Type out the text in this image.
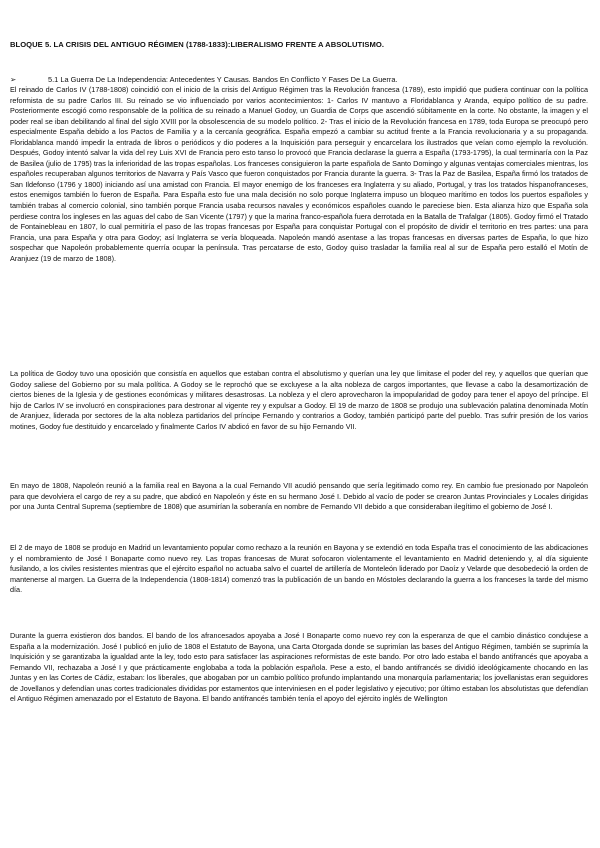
BLOQUE 5. LA CRISIS DEL ANTIGUO RÉGIMEN (1788-1833):LIBERALISMO FRENTE A ABSOLUTISMO.
➢	5.1 La Guerra De La Independencia: Antecedentes Y Causas. Bandos En Conflicto Y Fases De La Guerra.
El reinado de Carlos IV (1788-1808) coincidió con el inicio de la crisis del Antiguo Régimen tras la Revolución francesa (1789), esto impidió que pudiera continuar con la política reformista de su padre Carlos III. Su reinado se vio influenciado por varios acontecimientos: 1- Carlos IV mantuvo a Floridablanca y Aranda, equipo político de su padre. Posteriormente escogió como responsable de la política de su reinado a Manuel Godoy, un Guardia de Corps que ascendió súbitamente en la corte. No obstante, la imagen y el poder real se iban debilitando al final del siglo XVIII por la obsolescencia de su modelo político. 2- Tras el inicio de la Revolución francesa en 1789, toda Europa se preocupó pero especialmente España debido a los Pactos de Familia y a la cercanía geográfica. España empezó a cambiar su actitud frente a la Francia revolucionaria y a su propaganda. Floridablanca mandó impedir la entrada de libros o periódicos y dio poderes a la Inquisición para perseguir y encarcelara los ilustrados que veían como ejemplo la revolución. Después, Godoy intentó salvar la vida del rey Luis XVI de Francia pero esto tanso lo provocó que Francia declarase la guerra a España (1793-1795), la cual terminaría con la Paz de Basilea (julio de 1795) tras la inferioridad de las tropas españolas. Los franceses consiguieron la parte española de Santo Domingo y algunas ventajas comerciales mientras, los españoles recuperaban algunos territorios de Navarra y País Vasco que fueron conquistados por Francia durante la guerra. 3- Tras la Paz de Basilea, España firmó los tratados de San Ildefonso (1796 y 1800) iniciando así una amistad con Francia. El mayor enemigo de los franceses era Inglaterra y su aliado, Portugal, y tras los tratados hispanofranceses, estos enemigos también lo fueron de España. Para España esto fue una mala decisión no solo porque Inglaterra impuso un bloqueo marítimo en todos los puertos españoles y también trabas al comercio colonial, sino también porque Francia usaba recursos navales y económicos españoles cuando le pareciese bien. Esta alianza hizo que España sola perdiese contra los ingleses en las aguas del cabo de San Vicente (1797) y que la marina franco-española fuera derrotada en la Batalla de Trafalgar (1805). Godoy firmó el Tratado de Fontainebleau en 1807, lo cual permitiría el paso de las tropas francesas por España para conquistar Portugal con el propósito de dividir el territorio en tres partes: una para Francia, una para España y otra para Godoy; así Inglaterra se vería bloqueada. Napoleón mandó asentase a las tropas francesas en diversas partes de España, lo que hizo sospechar que Napoleón probablemente querría ocupar la península. Tras percatarse de esto, Godoy quiso trasladar la familia real al sur de España pero estalló el Motín de Aranjuez (19 de marzo de 1808).
La política de Godoy tuvo una oposición que consistía en aquellos que estaban contra el absolutismo y querían una ley que limitase el poder del rey, y aquellos que querían que Godoy saliese del Gobierno por su mala política. A Godoy se le reprochó que se excluyese a la alta nobleza de cargos importantes, que llevase a cabo la desamortización de ciertos bienes de la Iglesia y de gestiones económicas y militares desastrosas. La nobleza y el clero aprovecharon la impopularidad de godoy para tener el apoyo del príncipe. El hijo de Carlos IV se involucró en conspiraciones para destronar al vigente rey y expulsar a Godoy. El 19 de marzo de 1808 se produjo una sublevación palatina denominada Motín de Aranjuez, liderada por sectores de la alta nobleza partidarios del príncipe Fernando y contrarios a Godoy, también participó parte del pueblo. Tras sufrir presión de los varios motines, Godoy fue destituido y encarcelado y finalmente Carlos IV abdicó en favor de su hijo Fernando VII.
En mayo de 1808, Napoleón reunió a la familia real en Bayona a la cual Fernando VII acudió pensando que sería legitimado como rey. En cambio fue presionado por Napoleón para que devolviera el cargo de rey a su padre, que abdicó en Napoleón y éste en su hermano José I. Debido al vacío de poder se crearon Juntas Provinciales y Locales dirigidas por una Junta Central Suprema (septiembre de 1808) que asumirían la soberanía en nombre de Fernando VII debido a que consideraban ilegítimo el gobierno de José I.
El 2 de mayo de 1808 se produjo en Madrid un levantamiento popular como rechazo a la reunión en Bayona y se extendió en toda España tras el conocimiento de las abdicaciones y el nombramiento de José I Bonaparte como nuevo rey. Las tropas francesas de Murat sofocaron violentamente el levantamiento en Madrid deteniendo y, al día siguiente fusilando, a los civiles resistentes mientras que el ejército español no actuaba salvo el cuartel de artillería de Monteleón liderado por Daoíz y Velarde que desobedeció la orden de mantenerse al margen. La Guerra de la Independencia (1808-1814) comenzó tras la publicación de un bando en Móstoles declarando la guerra a los franceses la tarde del mismo día.
Durante la guerra existieron dos bandos. El bando de los afrancesados apoyaba a José I Bonaparte como nuevo rey con la esperanza de que el cambio dinástico condujese a España a la modernización. José I publicó en julio de 1808 el Estatuto de Bayona, una Carta Otorgada donde se suprimían las bases del Antiguo Régimen, también se suprimía la Inquisición y se garantizaba la igualdad ante la ley, todo esto para satisfacer las aspiraciones reformistas de este bando. Por otro lado estaba el bando antifrancés que apoyaba a Fernando VII, rechazaba a José I y que prácticamente englobaba a toda la población española. Pese a esto, el bando antifrancés se dividió ideológicamente chocando en las Juntas y en las Cortes de Cádiz, estaban: los liberales, que abogaban por un cambio político profundo implantando una monarquía parlamentaria; los jovellanistas eran seguidores de Jovellanos y defendían unas cortes tradicionales divididas por estamentos que interviniesen en el poder legislativo y ejecutivo; por último estaban los absolutistas que defendían el Antiguo Régimen amenazado por el Estatuto de Bayona. El bando antifrancés también tenía el apoyo del ejército inglés de Wellington
